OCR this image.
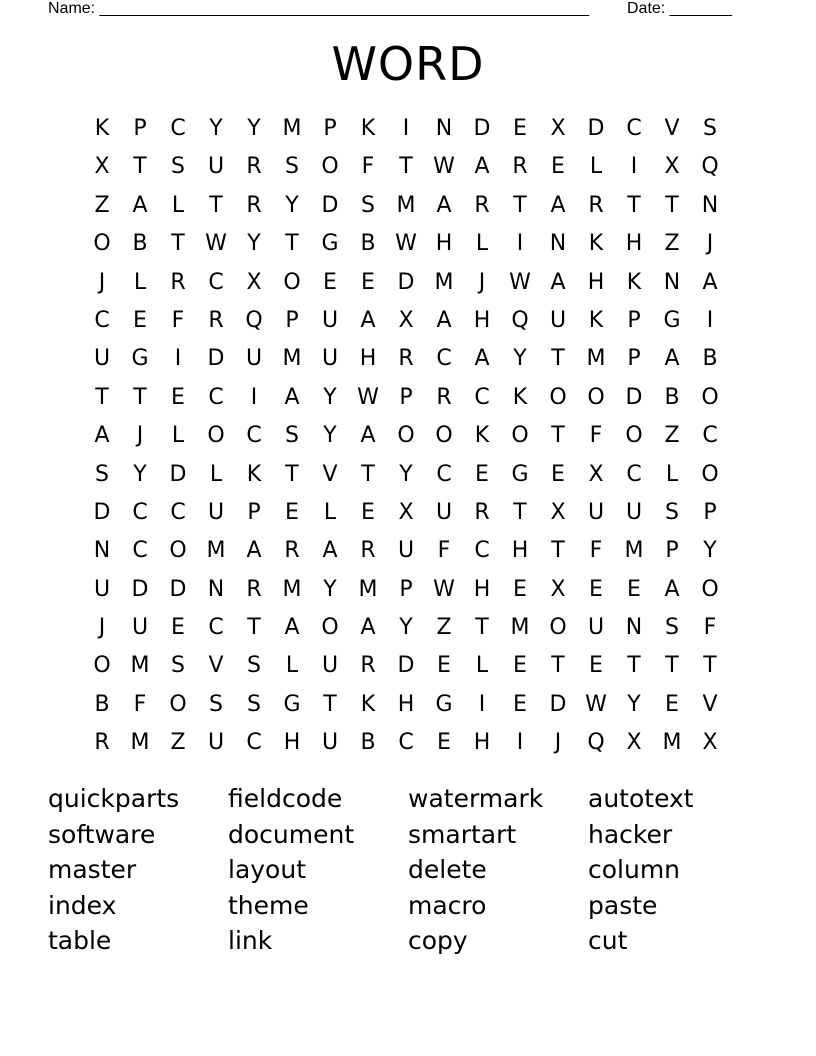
Name: _______________________________________________________ Date: _______
WORD
K	P	C	Y	Y M P	K	I	N D	E	X D C	V	S
X	T	S	U	R	S	O	F	T W A	R	E	L	I	X Q
Z	A	L	T	R	Y	D	S M A	R	T	A	R	T	T	N
O B	T W Y	T	G B W H	L	I	N	K	H	Z	J
J	L	R	C	X O	E	E	D M	J	W A	H	K	N	A
C	E	F	R Q	P	U	A	X	A	H Q U	K	P	G	I
U G	I	D U M U H	R	C	A	Y	T M P	A	B
T	T	E	C	I	A	Y W P	R	C	K	O O D B O
A	J	L	O C	S	Y	A O O	K	O	T	F	O Z	C
S	Y	D	L	K	T	V	T	Y	C	E	G	E	X	C	L	O
D C	C	U	P	E	L	E	X	U	R	T	X	U U	S	P
N	C O M A	R	A	R	U	F	C	H	T	F	M P	Y
U D D N	R M Y M P W H	E	X	E	E	A O
J	U	E	C	T	A O A	Y	Z	T M O U N	S	F
O M S	V	S	L	U	R D	E	L	E	T	E	T	T	T
B	F	O	S	S	G	T	K	H G	I	E	D W Y	E	V
R M Z	U	C	H U	B	C	E	H	I	J	Q X M X
quickparts	fieldcode	watermark	autotext
software	document	smartart	hacker
master	layout	delete	column
index	theme	macro	paste
table	link	copy	cut
